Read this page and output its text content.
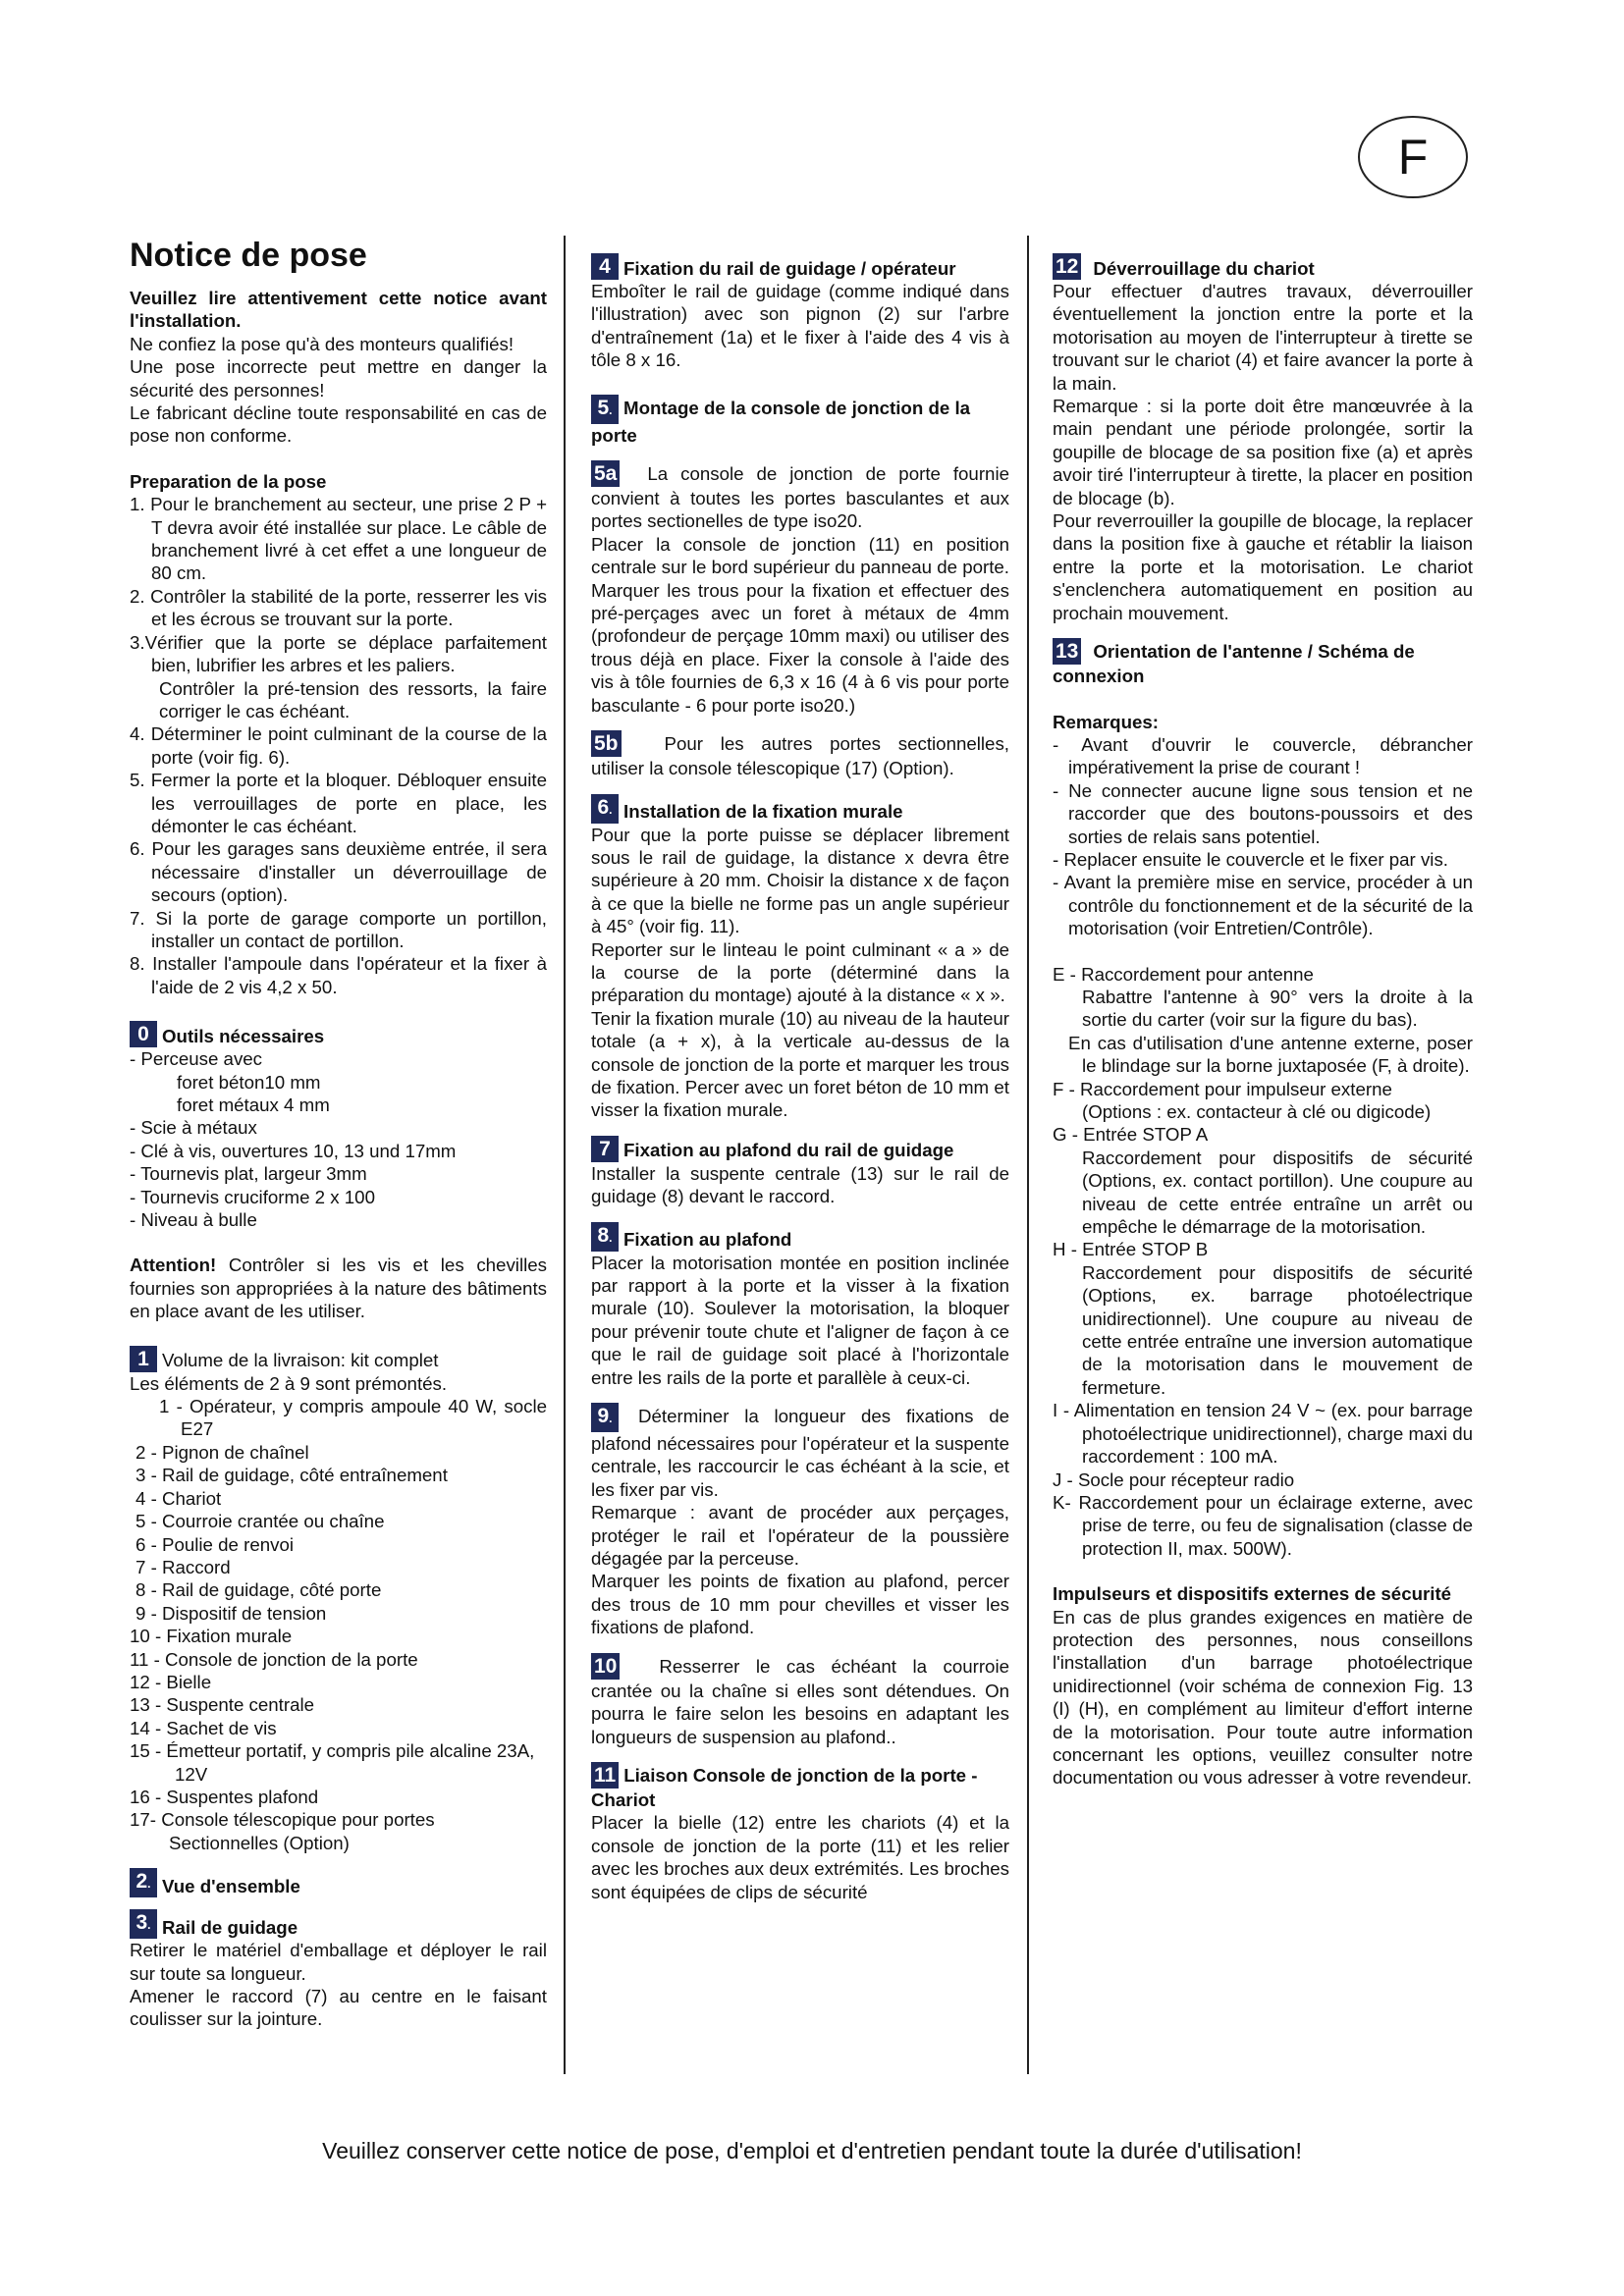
F
Notice de pose

Veuillez lire attentivement cette notice avant l'installation.

Ne confiez la pose qu'à des monteurs qualifiés!

Une pose incorrecte peut mettre en danger la sécurité des personnes!

Le fabricant décline toute responsabilité en cas de pose non conforme.

Preparation de la pose

1. Pour le branchement au secteur, une prise 2 P + T devra avoir été installée sur place. Le câble de branchement livré à cet effet a une longueur de 80 cm.

2. Contrôler la stabilité de la porte, resserrer les vis et les écrous se trouvant sur la porte.

3.Vérifier que la porte se déplace parfaitement bien, lubrifier les arbres et les paliers.

Contrôler la pré-tension des ressorts, la faire corriger le cas échéant.

4. Déterminer le point culminant de la course de la porte (voir fig. 6).

5. Fermer la porte et la bloquer. Débloquer ensuite les verrouillages de porte en place, les démonter le cas échéant.

6. Pour les garages sans deuxième entrée, il sera nécessaire d'installer un déverrouillage de secours (option).

7. Si la porte de garage comporte un portillon, installer un contact de portillon.

8. Installer l'ampoule dans l'opérateur et la fixer à l'aide de 2 vis 4,2 x 50.

0 Outils nécessaires

- Perceuse avec

foret béton10 mm

foret métaux 4 mm

- Scie à métaux

- Clé à vis, ouvertures 10, 13 und 17mm

- Tournevis plat, largeur 3mm

- Tournevis cruciforme 2 x 100

- Niveau à bulle

Attention! Contrôler si les vis et les chevilles fournies son appropriées à la nature des bâtiments en place avant de les utiliser.

1 Volume de la livraison: kit complet

Les éléments de 2 à 9 sont prémontés.

1 - Opérateur, y compris ampoule 40 W, socle E27

2 - Pignon de chaînel

3 - Rail de guidage, côté entraînement

4 - Chariot

5 - Courroie crantée ou chaîne

6 - Poulie de renvoi

7 - Raccord

8 - Rail de guidage, côté porte

9 - Dispositif de tension

10 - Fixation murale

11 - Console de jonction de la porte

12 - Bielle

13 - Suspente centrale

14 - Sachet de vis

15 - Émetteur portatif, y compris pile alcaline 23A, 12V

16 - Suspentes plafond

17- Console télescopique pour portes Sectionnelles (Option)

2 . Vue d'ensemble

3 . Rail de guidage

Retirer le matériel d'emballage et déployer le rail sur toute sa longueur.

Amener le raccord (7) au centre en le faisant coulisser sur la jointure.

4 Fixation du rail de guidage / opérateur

Emboîter le rail de guidage (comme indiqué dans l'illustration) avec son pignon (2) sur l'arbre d'entraînement (1a) et le fixer à l'aide des 4 vis à tôle 8 x 16.

5 . Montage de la console de jonction de la porte

5a La console de jonction de porte fournie convient à toutes les portes basculantes et aux portes sectionelles de type iso20.

Placer la console de jonction (11) en position centrale sur le bord supérieur du panneau de porte. Marquer les trous pour la fixation et effectuer des pré-perçages avec un foret à métaux de 4mm (profondeur de perçage 10mm maxi) ou utiliser des trous déjà en place. Fixer la console à l'aide des vis à tôle fournies de 6,3 x 16 (4 à 6 vis pour porte basculante - 6 pour porte iso20.)

5b	Pour les autres portes sectionnelles, utiliser la console télescopique (17) (Option).

6 . Installation de la fixation murale

Pour que la porte puisse se déplacer librement sous le rail de guidage, la distance x devra être supérieure à 20 mm. Choisir la distance x de façon à ce que la bielle ne forme pas un angle supérieur à 45° (voir fig. 11).

Reporter sur le linteau le point culminant « a » de la course de la porte (déterminé dans la préparation du montage) ajouté à la distance « x ».

Tenir la fixation murale (10) au niveau de la hauteur totale (a + x), à la verticale au-dessus de la console de jonction de la porte et marquer les trous de fixation. Percer avec un foret béton de 10 mm et visser la fixation murale.

7 Fixation au plafond du rail de guidage

Installer la suspente centrale (13) sur le rail de guidage (8) devant le raccord.

8 . Fixation au plafond

Placer la motorisation montée en position inclinée par rapport à la porte et la visser à la fixation murale (10). Soulever la motorisation, la bloquer pour prévenir toute chute et l'aligner de façon à ce que le rail de guidage soit placé à l'horizontale entre les rails de la porte et parallèle à ceux-ci.

9 . Déterminer la longueur des fixations de plafond nécessaires pour l'opérateur et la suspente centrale, les raccourcir le cas échéant à la scie, et les fixer par vis.

Remarque : avant de procéder aux perçages, protéger le rail et l'opérateur de la poussière dégagée par la perceuse.

Marquer les points de fixation au plafond, percer des trous de 10 mm pour chevilles et visser les fixations de plafond.

10 Resserrer le cas échéant la courroie crantée ou la chaîne si elles sont détendues. On pourra le faire selon les besoins en adaptant les longueurs de suspension au plafond..

11 Liaison Console de jonction de la porte - Chariot

Placer la bielle (12) entre les chariots (4) et la console de jonction de la porte (11) et les relier avec les broches aux deux extrémités. Les broches sont équipées de clips de sécurité

12 Déverrouillage du chariot

Pour effectuer d'autres travaux, déverrouiller éventuellement la jonction entre la porte et la motorisation au moyen de l'interrupteur à tirette se trouvant sur le chariot (4) et faire avancer la porte à la main.

Remarque : si la porte doit être manœuvrée à la main pendant une période prolongée, sortir la goupille de blocage de sa position fixe (a) et après avoir tiré l'interrupteur à tirette, la placer en position de blocage (b).

Pour reverrouiller la goupille de blocage, la replacer dans la position fixe à gauche et rétablir la liaison entre la porte et la motorisation. Le chariot s'enclenchera automatiquement en position au prochain mouvement.

13 Orientation de l'antenne / Schéma de connexion

Remarques:

- Avant d'ouvrir le couvercle, débrancher impérativement la prise de courant !

- Ne connecter aucune ligne sous tension et ne raccorder que des boutons-poussoirs et des sorties de relais sans potentiel.

- Replacer ensuite le couvercle et le fixer par vis.

- Avant la première mise en service, procéder à un contrôle du fonctionnement et de la sécurité de la motorisation (voir Entretien/Contrôle).

E - Raccordement pour antenne

Rabattre l'antenne à 90° vers la droite à la sortie du carter (voir sur la figure du bas).

En cas d'utilisation d'une antenne externe, poser le blindage sur la borne juxtaposée (F, à droite).

F - Raccordement pour impulseur externe

(Options : ex. contacteur à clé ou digicode)

G - Entrée STOP A

Raccordement pour dispositifs de sécurité (Options, ex. contact portillon). Une coupure au niveau de cette entrée entraîne un arrêt ou empêche le démarrage de la motorisation.

H - Entrée STOP B

Raccordement pour dispositifs de sécurité (Options, ex. barrage photoélectrique unidirectionnel). Une coupure au niveau de cette entrée entraîne une inversion automatique de la motorisation dans le mouvement de fermeture.

I - Alimentation en tension 24 V ~ (ex. pour barrage photoélectrique unidirectionnel), charge maxi du raccordement : 100 mA.

J - Socle pour récepteur radio

K- Raccordement pour un éclairage externe, avec prise de terre, ou feu de signalisation (classe de protection II, max. 500W).

Impulseurs et dispositifs externes de sécurité

En cas de plus grandes exigences en matière de protection des personnes, nous conseillons l'installation d'un barrage photoélectrique unidirectionnel (voir schéma de connexion Fig. 13 (I) (H), en complément au limiteur d'effort interne de la motorisation. Pour toute autre information concernant les options, veuillez consulter notre documentation ou vous adresser à votre revendeur.

Veuillez conserver cette notice de pose, d'emploi et d'entretien pendant toute la durée d'utilisation!
